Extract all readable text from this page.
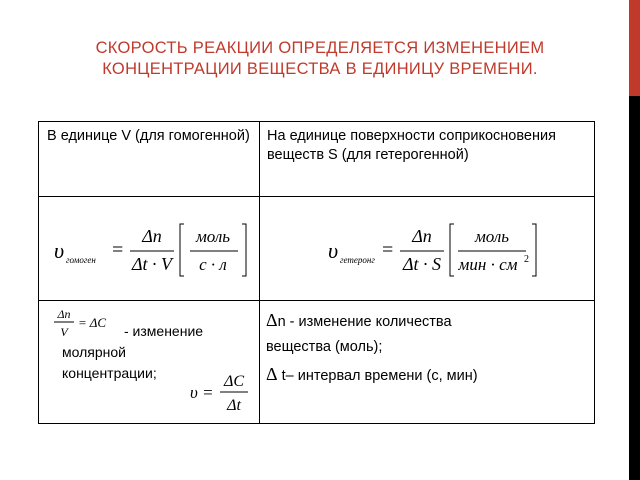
СКОРОСТЬ РЕАКЦИИ ОПРЕДЕЛЯЕТСЯ ИЗМЕНЕНИЕМ
КОНЦЕНТРАЦИИ ВЕЩЕСТВА В ЕДИНИЦУ ВРЕМЕНИ.
В единице V (для гомогенной) На единице поверхности соприкосновения веществ S (для гетерогенной)
υ гомоген =
Δn
Δt · V
моль
с · л
υ гетеронг =
Δn
Δt · S
моль
мин · см 2
Δn
V
= ΔC
- изменение
молярной
концентрации;
υ =
ΔC
Δt
Δn - изменение количества
вещества (моль);
Δ t– интервал времени (с, мин)
